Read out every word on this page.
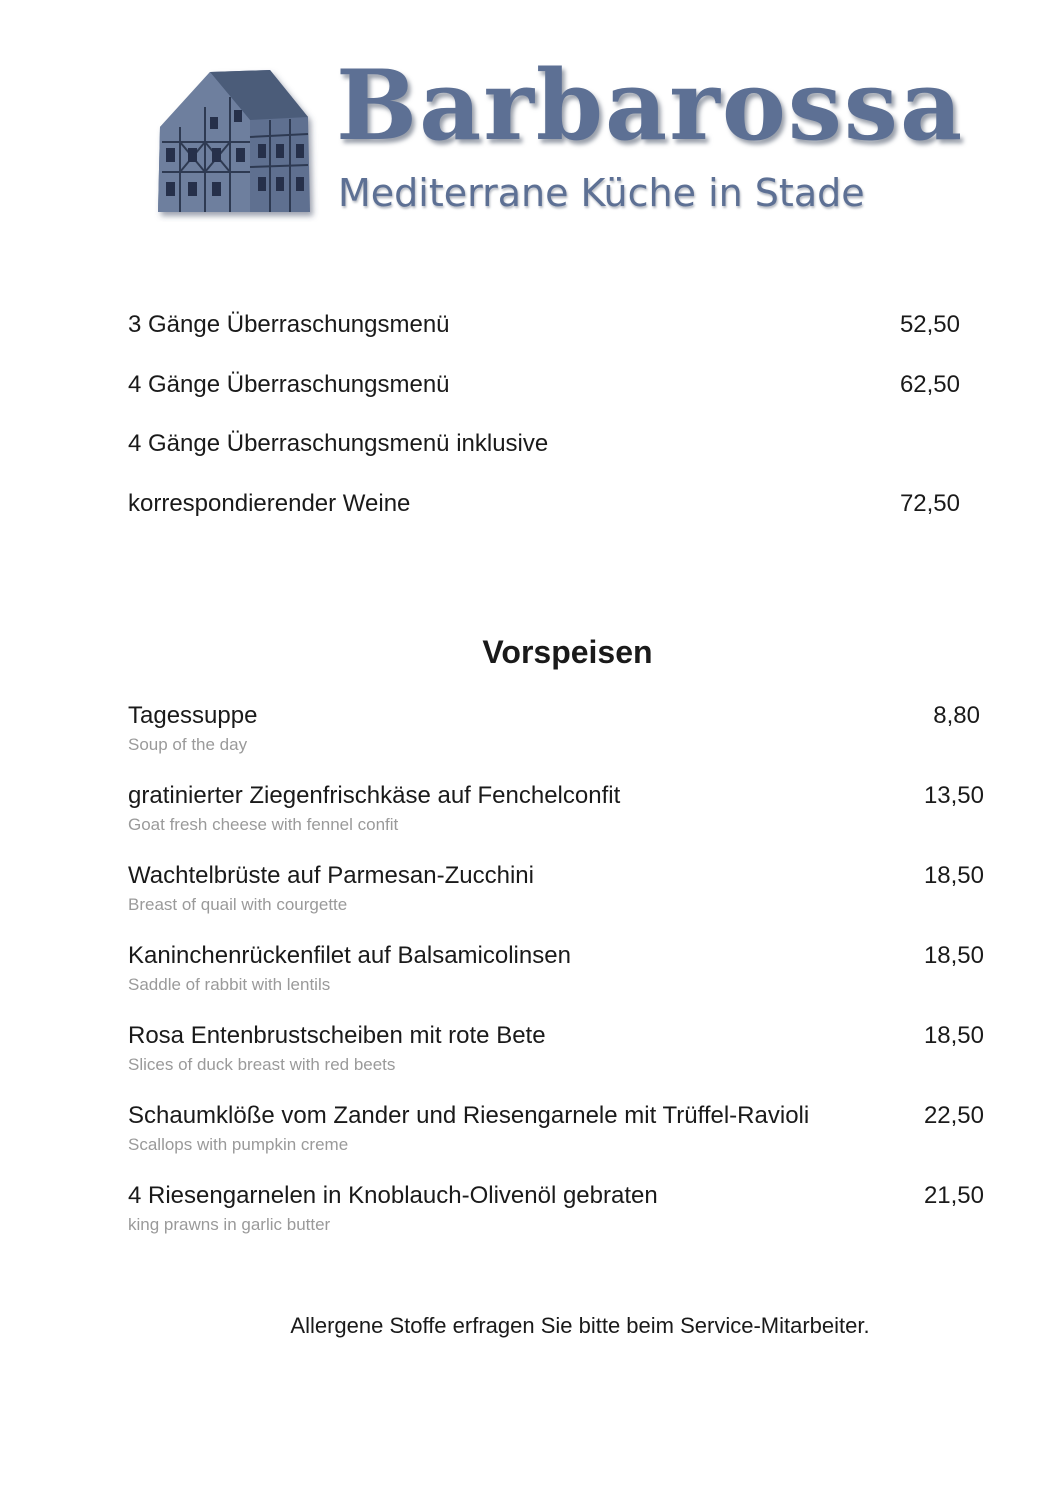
Barbarossa
Mediterrane Küche in Stade
3 Gänge Überraschungsmenü	52,50
4 Gänge Überraschungsmenü	62,50
4 Gänge Überraschungsmenü inklusive
korrespondierender Weine	72,50
Vorspeisen
Tagessuppe	8,80
Soup of the day
gratinierter Ziegenfrischkäse auf Fenchelconfit	13,50
Goat fresh cheese with fennel confit
Wachtelbrüste auf Parmesan-Zucchini	18,50
Breast of quail with courgette
Kaninchenrückenfilet auf Balsamicolinsen	18,50
Saddle of rabbit with lentils
Rosa Entenbrustscheiben mit rote Bete	18,50
Slices of duck breast with red beets
Schaumklöße vom Zander und Riesengarnele mit Trüffel-Ravioli	22,50
Scallops with pumpkin creme
4 Riesengarnelen in Knoblauch-Olivenöl gebraten	21,50
king prawns in garlic butter
Allergene Stoffe erfragen Sie bitte beim Service-Mitarbeiter.
